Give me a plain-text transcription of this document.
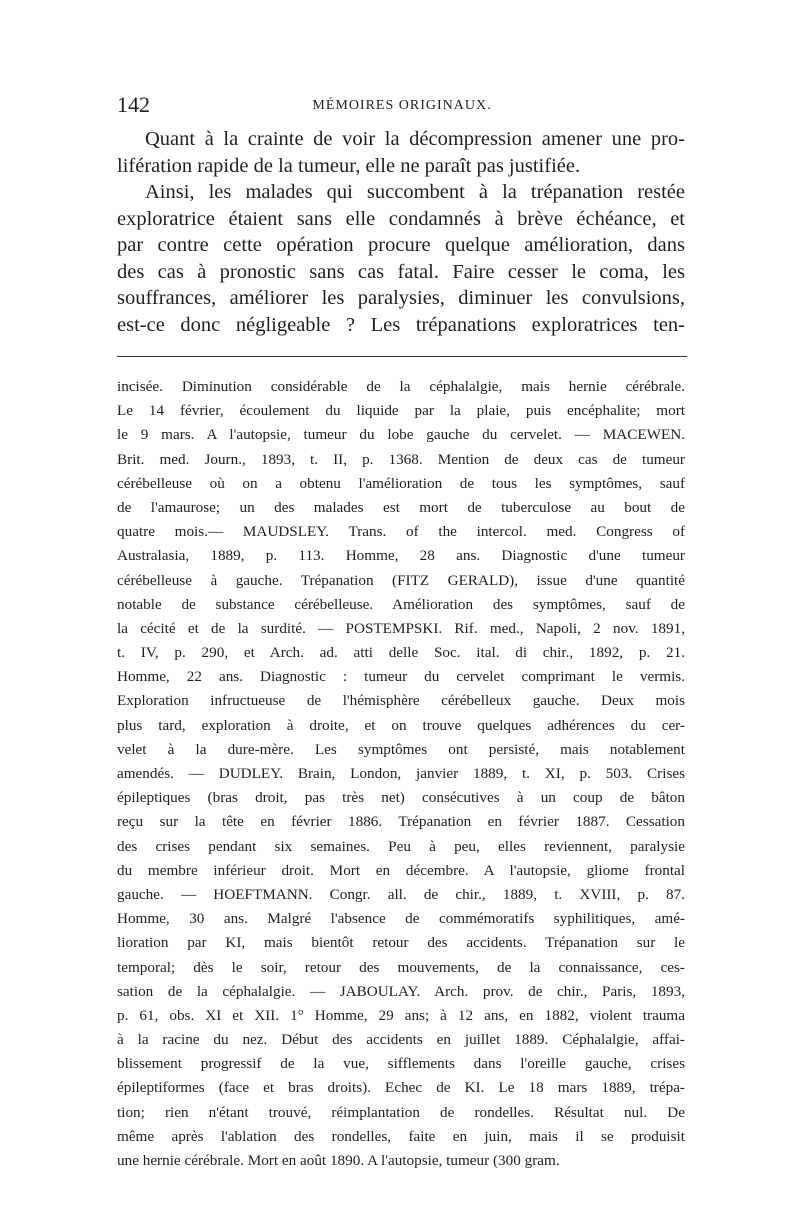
142	MÉMOIRES ORIGINAUX.
Quant à la crainte de voir la décompression amener une pro-
lifération rapide de la tumeur, elle ne paraît pas justifiée.
Ainsi, les malades qui succombent à la trépanation restée
exploratrice étaient sans elle condamnés à brève échéance, et
par contre cette opération procure quelque amélioration, dans
des cas à pronostic sans cas fatal. Faire cesser le coma, les
souffrances, améliorer les paralysies, diminuer les convulsions,
est-ce donc négligeable ? Les trépanations exploratrices ten-
incisée. Diminution considérable de la céphalalgie, mais hernie cérébrale.
Le 14 février, écoulement du liquide par la plaie, puis encéphalite; mort
le 9 mars. A l'autopsie, tumeur du lobe gauche du cervelet. — MACEWEN.
Brit. med. Journ., 1893, t. II, p. 1368. Mention de deux cas de tumeur
cérébelleuse où on a obtenu l'amélioration de tous les symptômes, sauf
de l'amaurose; un des malades est mort de tuberculose au bout de
quatre mois.— MAUDSLEY. Trans. of the intercol. med. Congress of
Australasia, 1889, p. 113. Homme, 28 ans. Diagnostic d'une tumeur
cérébelleuse à gauche. Trépanation (FITZ GERALD), issue d'une quantité
notable de substance cérébelleuse. Amélioration des symptômes, sauf de
la cécité et de la surdité. — POSTEMPSKI. Rif. med., Napoli, 2 nov. 1891,
t. IV, p. 290, et Arch. ad. atti delle Soc. ital. di chir., 1892, p. 21.
Homme, 22 ans. Diagnostic : tumeur du cervelet comprimant le vermis.
Exploration infructueuse de l'hémisphère cérébelleux gauche. Deux mois
plus tard, exploration à droite, et on trouve quelques adhérences du cer-
velet à la dure-mère. Les symptômes ont persisté, mais notablement
amendés. — DUDLEY. Brain, London, janvier 1889, t. XI, p. 503. Crises
épileptiques (bras droit, pas très net) consécutives à un coup de bâton
reçu sur la tête en février 1886. Trépanation en février 1887. Cessation
des crises pendant six semaines. Peu à peu, elles reviennent, paralysie
du membre inférieur droit. Mort en décembre. A l'autopsie, gliome frontal
gauche. — HOEFTMANN. Congr. all. de chir., 1889, t. XVIII, p. 87.
Homme, 30 ans. Malgré l'absence de commémoratifs syphilitiques, amé-
lioration par KI, mais bientôt retour des accidents. Trépanation sur le
temporal; dès le soir, retour des mouvements, de la connaissance, ces-
sation de la céphalalgie. — JABOULAY. Arch. prov. de chir., Paris, 1893,
p. 61, obs. XI et XII. 1° Homme, 29 ans; à 12 ans, en 1882, violent trauma
à la racine du nez. Début des accidents en juillet 1889. Céphalalgie, affai-
blissement progressif de la vue, sifflements dans l'oreille gauche, crises
épileptiformes (face et bras droits). Echec de KI. Le 18 mars 1889, trépa-
tion; rien n'étant trouvé, réimplantation de rondelles. Résultat nul. De
même après l'ablation des rondelles, faite en juin, mais il se produisit
une hernie cérébrale. Mort en août 1890. A l'autopsie, tumeur (300 gram.
